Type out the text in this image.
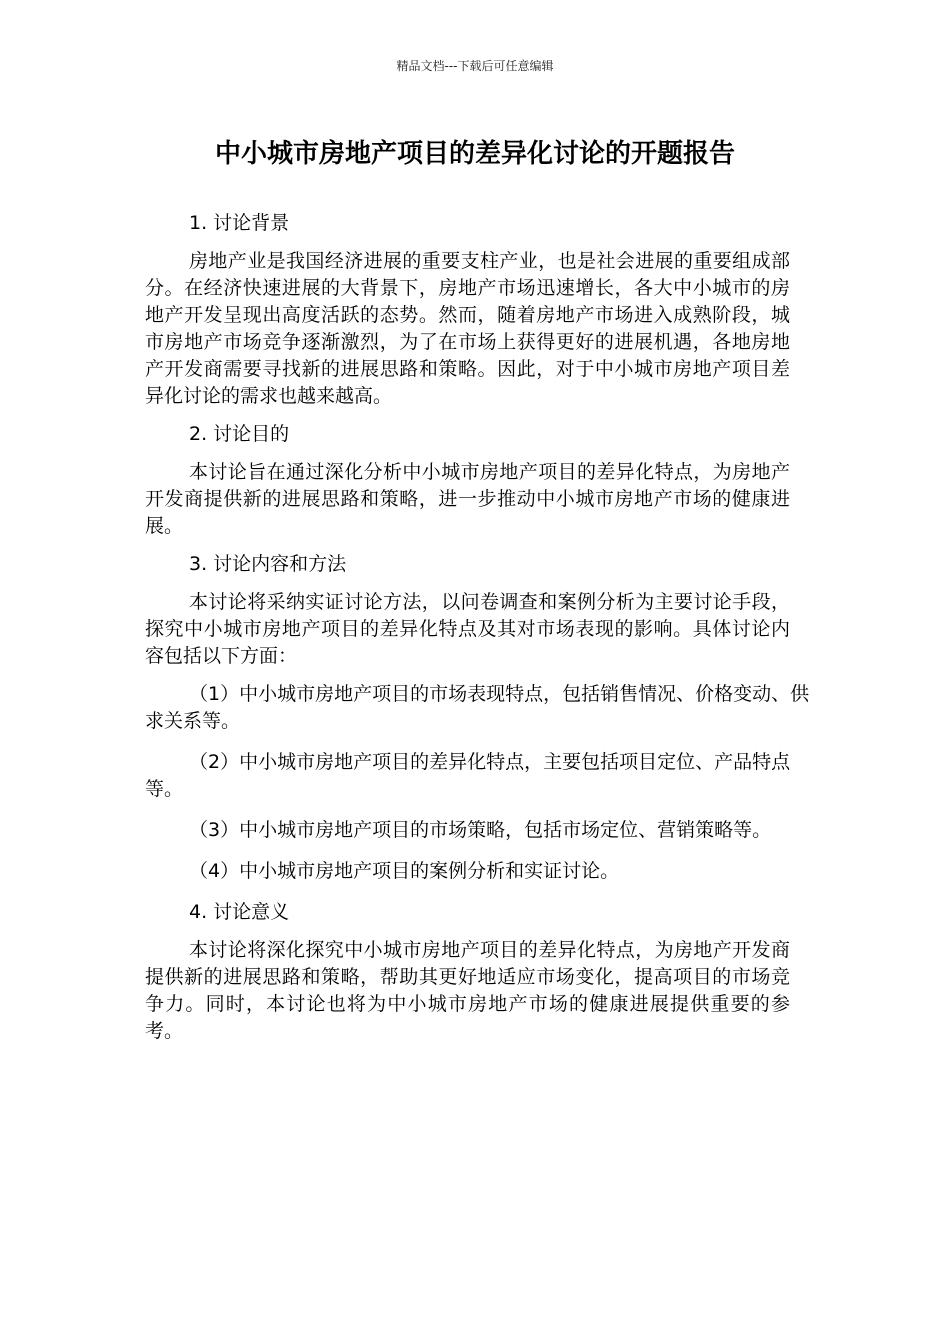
精品文档---下载后可任意编辑
中小城市房地产项目的差异化讨论的开题报告
1. 讨论背景

房地产业是我国经济进展的重要支柱产业，也是社会进展的重要组成部分。在经济快速进展的大背景下，房地产市场迅速增长，各大中小城市的房地产开发呈现出高度活跃的态势。然而，随着房地产市场进入成熟阶段，城市房地产市场竞争逐渐激烈，为了在市场上获得更好的进展机遇，各地房地产开发商需要寻找新的进展思路和策略。因此，对于中小城市房地产项目差异化讨论的需求也越来越高。

2. 讨论目的

本讨论旨在通过深化分析中小城市房地产项目的差异化特点，为房地产开发商提供新的进展思路和策略，进一步推动中小城市房地产市场的健康进展。

3. 讨论内容和方法

本讨论将采纳实证讨论方法，以问卷调查和案例分析为主要讨论手段，探究中小城市房地产项目的差异化特点及其对市场表现的影响。具体讨论内容包括以下方面：

（1）中小城市房地产项目的市场表现特点，包括销售情况、价格变动、供求关系等。

（2）中小城市房地产项目的差异化特点，主要包括项目定位、产品特点等。

（3）中小城市房地产项目的市场策略，包括市场定位、营销策略等。

（4）中小城市房地产项目的案例分析和实证讨论。

4. 讨论意义

本讨论将深化探究中小城市房地产项目的差异化特点，为房地产开发商提供新的进展思路和策略，帮助其更好地适应市场变化，提高项目的市场竞争力。同时，本讨论也将为中小城市房地产市场的健康进展提供重要的参考。
